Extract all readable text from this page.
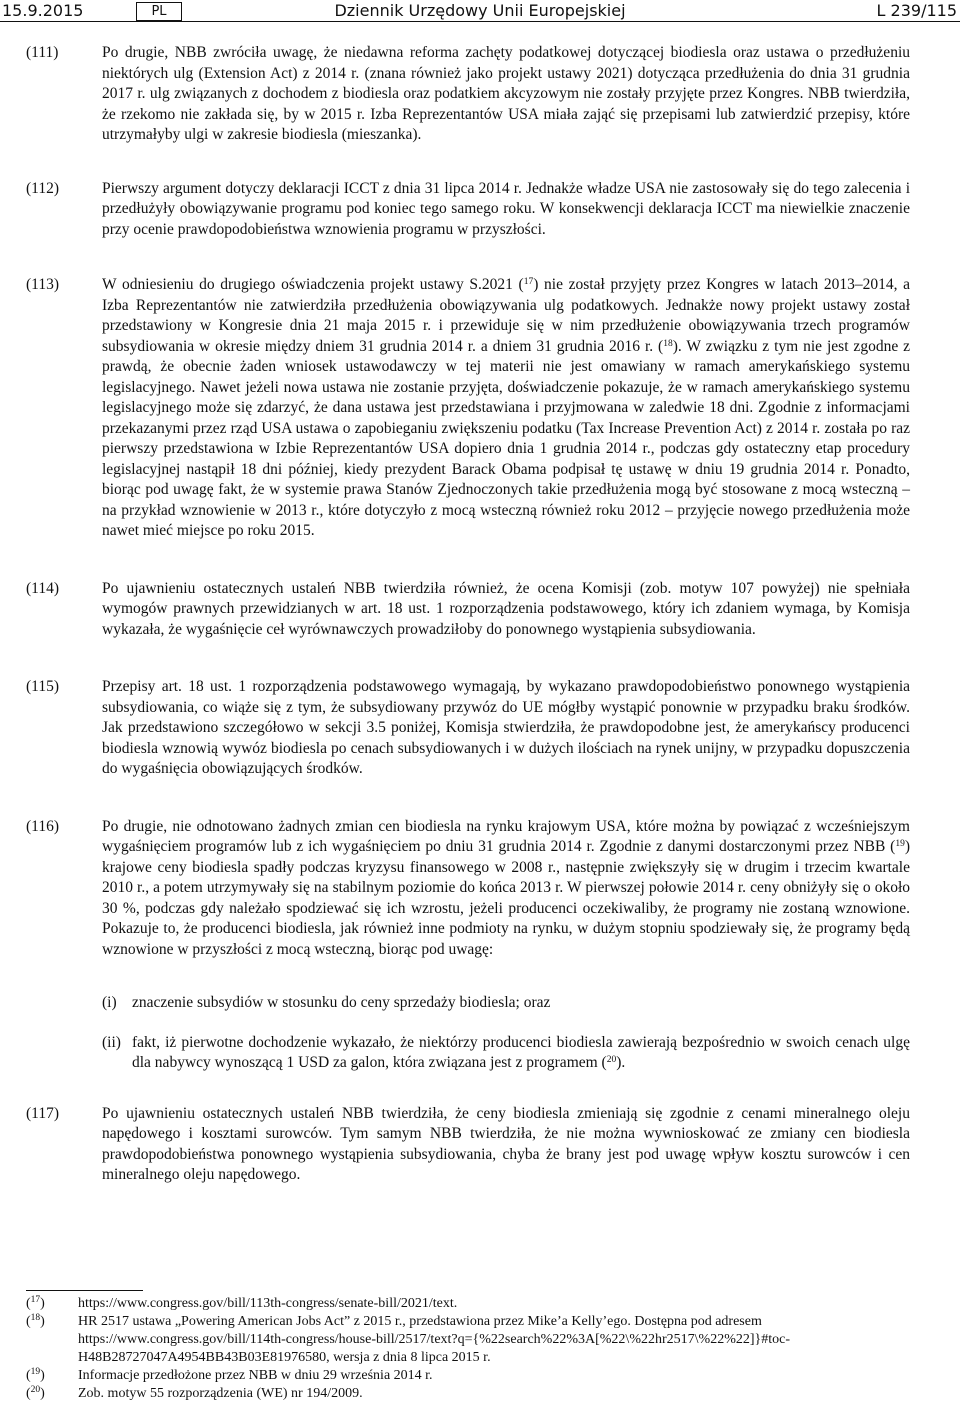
Dziennik Urzędowy Unii Europejskiej
15.9.2015	PL	L 239/115
(111)	Po drugie, NBB zwróciła uwagę, że niedawna reforma zachęty podatkowej dotyczącej biodiesla oraz ustawa o przedłużeniu niektórych ulg (Extension Act) z 2014 r. (znana również jako projekt ustawy 2021) dotycząca przedłużenia do dnia 31 grudnia 2017 r. ulg związanych z dochodem z biodiesla oraz podatkiem akcyzowym nie zostały przyjęte przez Kongres. NBB twierdziła, że rzekomo nie zakłada się, by w 2015 r. Izba Reprezentantów USA miała zająć się przepisami lub zatwierdzić przepisy, które utrzymałyby ulgi w zakresie biodiesla (mieszanka).
(112)	Pierwszy argument dotyczy deklaracji ICCT z dnia 31 lipca 2014 r. Jednakże władze USA nie zastosowały się do tego zalecenia i przedłużyły obowiązywanie programu pod koniec tego samego roku. W konsekwencji deklaracja ICCT ma niewielkie znaczenie przy ocenie prawdopodobieństwa wznowienia programu w przyszłości.
(113)	W odniesieniu do drugiego oświadczenia projekt ustawy S.2021 ($^{17}$) nie został przyjęty przez Kongres w latach 2013–2014, a Izba Reprezentantów nie zatwierdziła przedłużenia obowiązywania ulg podatkowych. Jednakże nowy projekt ustawy został przedstawiony w Kongresie dnia 21 maja 2015 r. i przewiduje się w nim przedłużenie obowiązywania trzech programów subsydiowania w okresie między dniem 31 grudnia 2014 r. a dniem 31 grudnia 2016 r. ($^{18}$). W związku z tym nie jest zgodne z prawdą, że obecnie żaden wniosek ustawodawczy w tej materii nie jest omawiany w ramach amerykańskiego systemu legislacyjnego. Nawet jeżeli nowa ustawa nie zostanie przyjęta, doświadczenie pokazuje, że w ramach amerykańskiego systemu legislacyjnego może się zdarzyć, że dana ustawa jest przedstawiana i przyjmowana w zaledwie 18 dni. Zgodnie z informacjami przekazanymi przez rząd USA ustawa o zapobieganiu zwiększeniu podatku (Tax Increase Prevention Act) z 2014 r. została po raz pierwszy przedstawiona w Izbie Reprezentantów USA dopiero dnia 1 grudnia 2014 r., podczas gdy ostateczny etap procedury legislacyjnej nastąpił 18 dni później, kiedy prezydent Barack Obama podpisał tę ustawę w dniu 19 grudnia 2014 r. Ponadto, biorąc pod uwagę fakt, że w systemie prawa Stanów Zjednoczonych takie przedłużenia mogą być stosowane z mocą wsteczną – na przykład wznowienie w 2013 r., które dotyczyło z mocą wsteczną również roku 2012 – przyjęcie nowego przedłużenia może nawet mieć miejsce po roku 2015.
(114)	Po ujawnieniu ostatecznych ustaleń NBB twierdziła również, że ocena Komisji (zob. motyw 107 powyżej) nie spełniała wymogów prawnych przewidzianych w art. 18 ust. 1 rozporządzenia podstawowego, który ich zdaniem wymaga, by Komisja wykazała, że wygaśnięcie ceł wyrównawczych prowadziłoby do ponownego wystąpienia subsydiowania.
(115)	Przepisy art. 18 ust. 1 rozporządzenia podstawowego wymagają, by wykazano prawdopodobieństwo ponownego wystąpienia subsydiowania, co wiąże się z tym, że subsydiowany przywóz do UE mógłby wystąpić ponownie w przypadku braku środków. Jak przedstawiono szczegółowo w sekcji 3.5 poniżej, Komisja stwierdziła, że prawdopodobne jest, że amerykańscy producenci biodiesla wznowią wywóz biodiesla po cenach subsydiowanych i w dużych ilościach na rynek unijny, w przypadku dopuszczenia do wygaśnięcia obowiązujących środków.
(116)	Po drugie, nie odnotowano żadnych zmian cen biodiesla na rynku krajowym USA, które można by powiązać z wcześniejszym wygaśnięciem programów lub z ich wygaśnięciem po dniu 31 grudnia 2014 r. Zgodnie z danymi dostarczonymi przez NBB ($^{19}$) krajowe ceny biodiesla spadły podczas kryzysu finansowego w 2008 r., następnie zwiększyły się w drugim i trzecim kwartale 2010 r., a potem utrzymywały się na stabilnym poziomie do końca 2013 r. W pierwszej połowie 2014 r. ceny obniżyły się o około 30 %, podczas gdy należało spodziewać się ich wzrostu, jeżeli producenci oczekiwaliby, że programy nie zostaną wznowione. Pokazuje to, że producenci biodiesla, jak również inne podmioty na rynku, w dużym stopniu spodziewały się, że programy będą wznowione w przyszłości z mocą wsteczną, biorąc pod uwagę:
(i) znaczenie subsydiów w stosunku do ceny sprzedaży biodiesla; oraz
(ii) fakt, iż pierwotne dochodzenie wykazało, że niektórzy producenci biodiesla zawierają bezpośrednio w swoich cenach ulgę dla nabywcy wynoszącą 1 USD za galon, która związana jest z programem ($^{20}$).
(117)	Po ujawnieniu ostatecznych ustaleń NBB twierdziła, że ceny biodiesla zmieniają się zgodnie z cenami mineralnego oleju napędowego i kosztami surowców. Tym samym NBB twierdziła, że nie można wywnioskować ze zmiany cen biodiesla prawdopodobieństwa ponownego wystąpienia subsydiowania, chyba że brany jest pod uwagę wpływ kosztu surowców i cen mineralnego oleju napędowego.
($^{17}$) https://www.congress.gov/bill/113th-congress/senate-bill/2021/text.
($^{18}$) HR 2517 ustawa „Powering American Jobs Act” z 2015 r., przedstawiona przez Mike’a Kelly’ego. Dostępna pod adresem https://www.congress.gov/bill/114th-congress/house-bill/2517/text?q={%22search%22%3A[%22\%22hr2517\%22%22]}#toc-H48B28727047A4954BB43B03E81976580, wersja z dnia 8 lipca 2015 r.
($^{19}$) Informacje przedłożone przez NBB w dniu 29 września 2014 r.
($^{20}$) Zob. motyw 55 rozporządzenia (WE) nr 194/2009.
